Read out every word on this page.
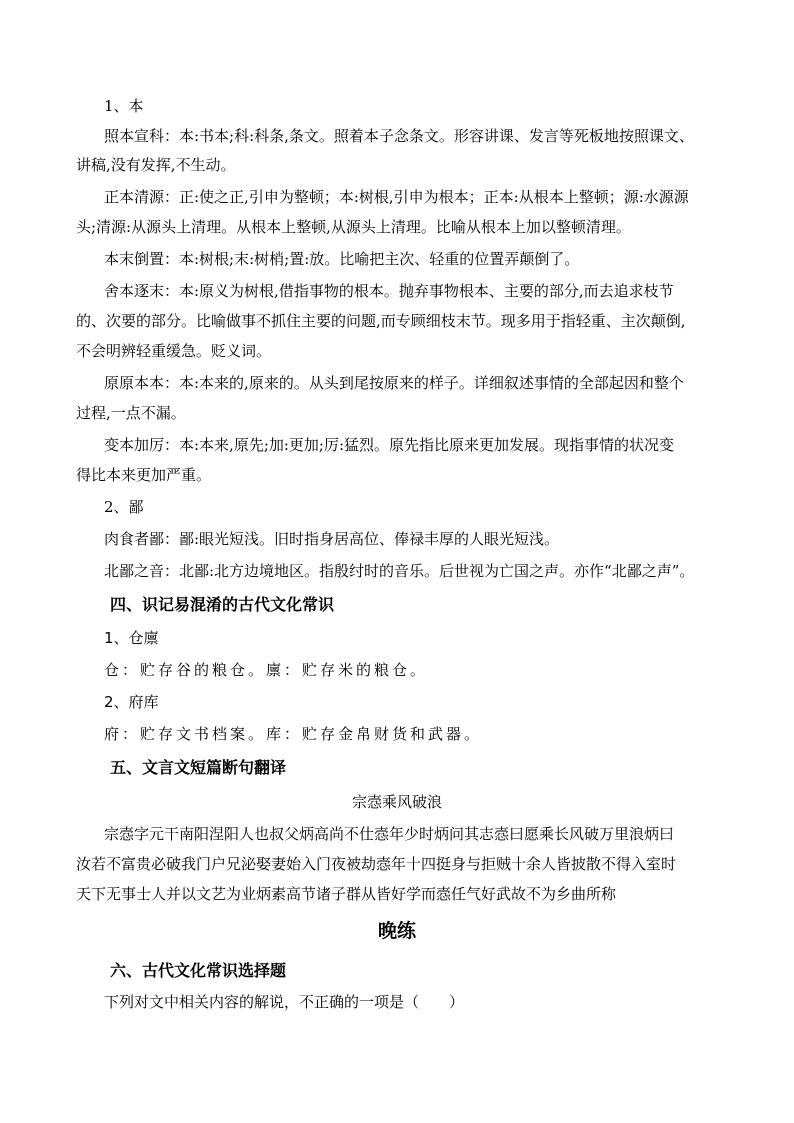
1、本
照本宣科：本:书本;科:科条,条文。照着本子念条文。形容讲课、发言等死板地按照课文、
讲稿,没有发挥,不生动。
正本清源：正:使之正,引申为整顿；本:树根,引申为根本；正本:从根本上整顿；源:水源源
头;清源:从源头上清理。从根本上整顿,从源头上清理。比喻从根本上加以整顿清理。
本末倒置：本:树根;末:树梢;置:放。比喻把主次、轻重的位置弄颠倒了。
舍本逐末：本:原义为树根,借指事物的根本。抛弃事物根本、主要的部分,而去追求枝节
的、次要的部分。比喻做事不抓住主要的问题,而专顾细枝末节。现多用于指轻重、主次颠倒,
不会明辨轻重缓急。贬义词。
原原本本：本:本来的,原来的。从头到尾按原来的样子。详细叙述事情的全部起因和整个
过程,一点不漏。
变本加厉：本:本来,原先;加:更加;厉:猛烈。原先指比原来更加发展。现指事情的状况变
得比本来更加严重。
2、鄙
肉食者鄙：鄙:眼光短浅。旧时指身居高位、俸禄丰厚的人眼光短浅。
北鄙之音：北鄙:北方边境地区。指殷纣时的音乐。后世视为亡国之声。亦作“北鄙之声”。
四、识记易混淆的古代文化常识
1、仓廪
仓：贮存谷的粮仓。廪：贮存米的粮仓。
2、府库
府：贮存文书档案。库：贮存金帛财货和武器。
五、文言文短篇断句翻译
宗悫乘风破浪
宗悫字元干南阳涅阳人也叔父炳高尚不仕悫年少时炳问其志悫曰愿乘长风破万里浪炳曰
汝若不富贵必破我门户兄泌娶妻始入门夜被劫悫年十四挺身与拒贼十余人皆披散不得入室时
天下无事士人并以文艺为业炳素高节诸子群从皆好学而悫任气好武故不为乡曲所称
晚练
六、古代文化常识选择题
下列对文中相关内容的解说，不正确的一项是（　　）
